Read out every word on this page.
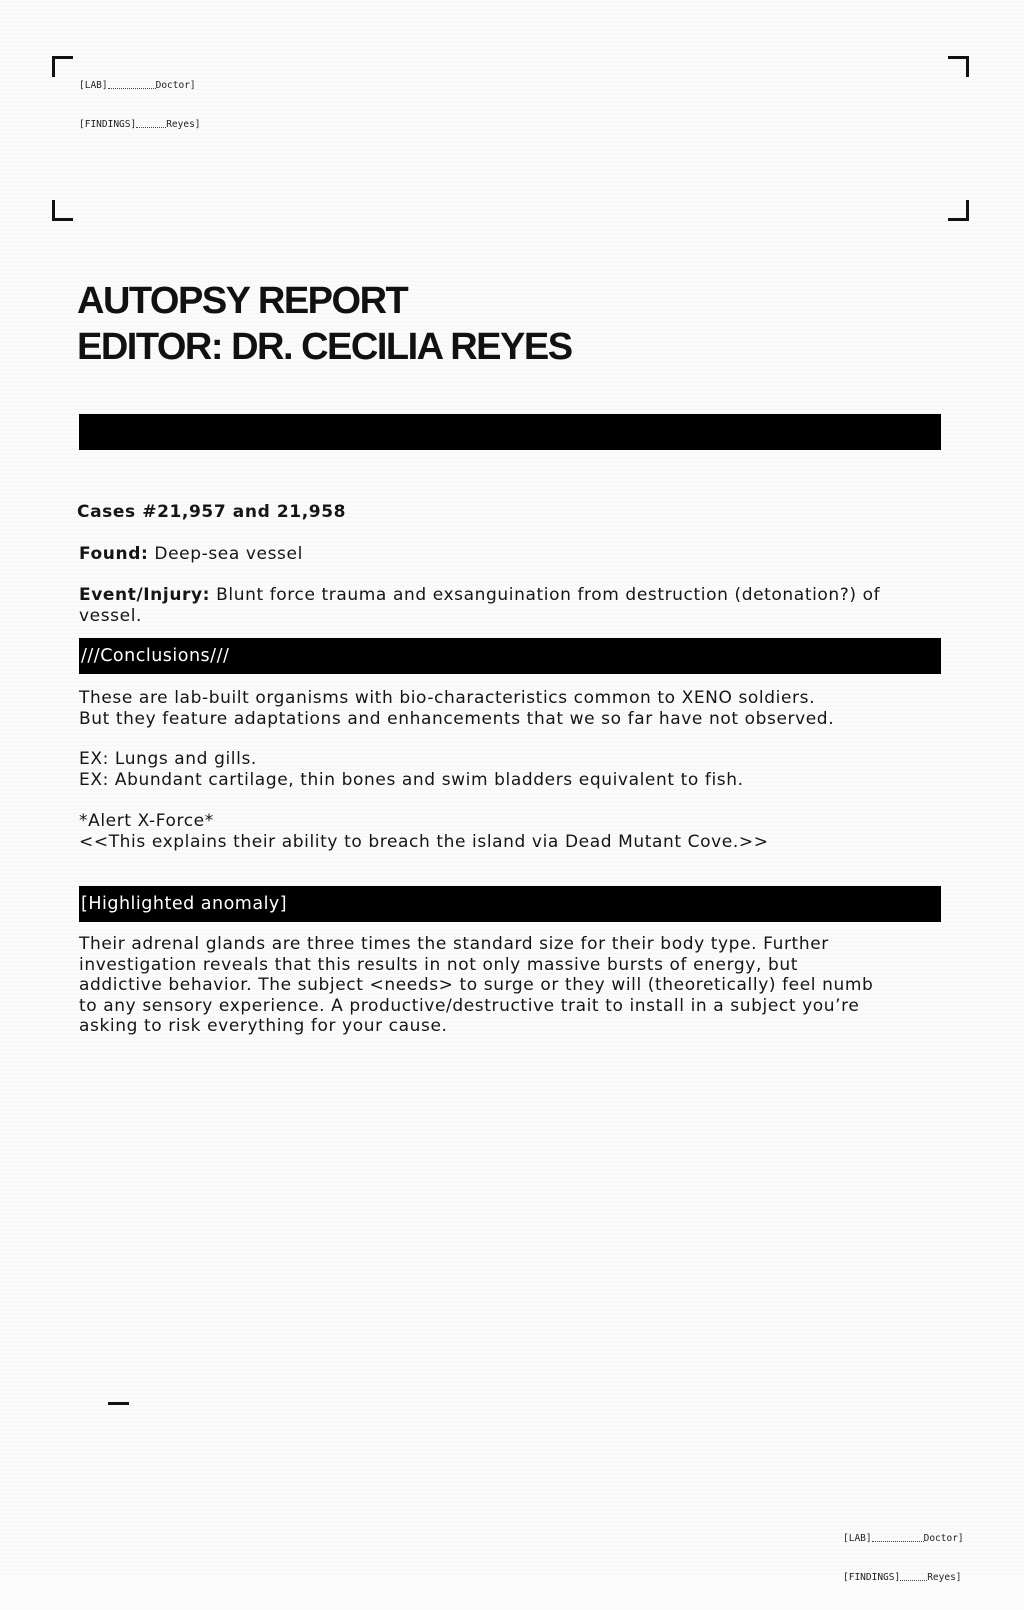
[LAB]	Doctor]

[FINDINGS]	Reyes]

AUTOPSY REPORT
EDITOR: DR. CECILIA REYES
Cases #21,957 and 21,958
Found: Deep-sea vessel
Event/Injury: Blunt force trauma and exsanguination from destruction (detonation?) of
vessel.
///Conclusions///
These are lab-built organisms with bio-characteristics common to XENO soldiers.
But they feature adaptations and enhancements that we so far have not observed.
EX: Lungs and gills.
EX: Abundant cartilage, thin bones and swim bladders equivalent to fish.
*Alert X-Force*
<<This explains their ability to breach the island via Dead Mutant Cove.>>
[Highlighted anomaly]
Their adrenal glands are three times the standard size for their body type. Further
investigation reveals that this results in not only massive bursts of energy, but
addictive behavior. The subject <needs> to surge or they will (theoretically) feel numb
to any sensory experience. A productive/destructive trait to install in a subject you’re
asking to risk everything for your cause.

[LAB]	Doctor]

[FINDINGS]	Reyes]
